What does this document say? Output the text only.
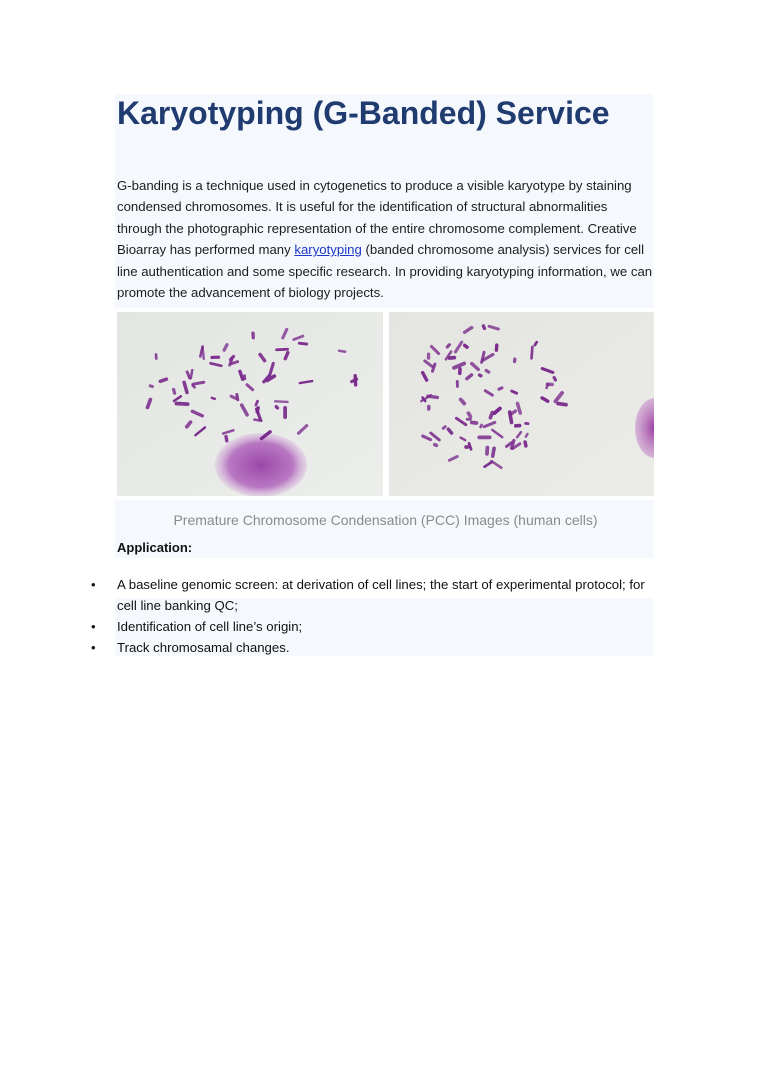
Karyotyping (G-Banded) Service

G-banding is a technique used in cytogenetics to produce a visible karyotype by staining condensed chromosomes. It is useful for the identification of structural abnormalities through the photographic representation of the entire chromosome complement. Creative Bioarray has performed many karyotyping (banded chromosome analysis) services for cell line authentication and some specific research. In providing karyotyping information, we can promote the advancement of biology projects.

Premature Chromosome Condensation (PCC) Images (human cells)

Application:

• A baseline genomic screen: at derivation of cell lines; the start of experimental protocol; for cell line banking QC;
• Identification of cell line’s origin;
• Track chromosamal changes.
